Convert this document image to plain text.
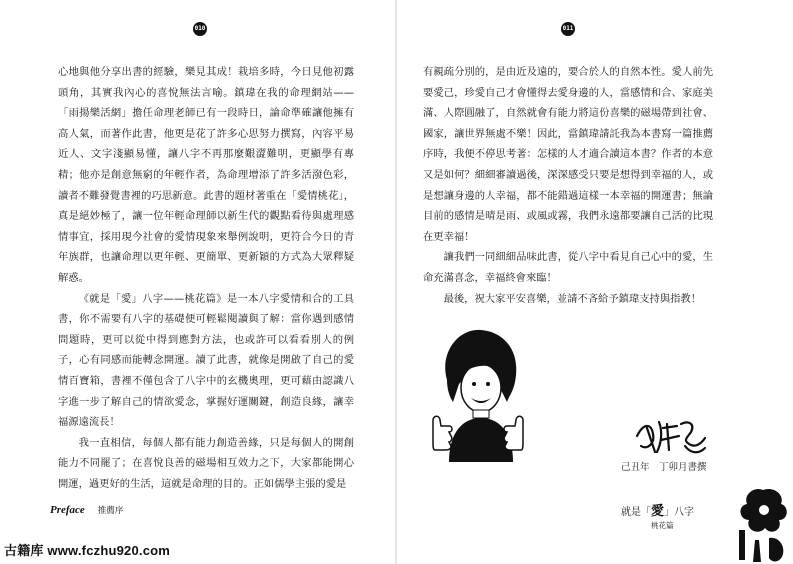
010

心地與他分享出書的經驗，樂見其成！栽培多時，今日見他初露頭角，其實我內心的喜悅無法言喻。鎮瑋在我的命理網站——「雨揚樂活網」擔任命理老師已有一段時日，論命準確讓他擁有高人氣，而著作此書，他更是花了許多心思努力撰寫，內容平易近人、文字淺顯易懂，讓八字不再那麼艱澀難明，更顯學有專精；他亦是創意無窮的年輕作者，為命理增添了許多活潑色彩，讀者不難發覺書裡的巧思新意。此書的題材著重在「愛情桃花」，真是絕妙極了，讓一位年輕命理師以新生代的觀點看待與處理感情事宜，採用現今社會的愛情現象來舉例說明，更符合今日的青年族群，也讓命理以更年輕、更簡單、更新穎的方式為大眾釋疑解惑。

《就是「愛」八字——桃花篇》是一本八字愛情和合的工具書，你不需要有八字的基礎便可輕鬆閱讀與了解：當你遇到感情問題時，更可以從中得到應對方法，也或許可以看看別人的例子，心有同感而能轉念開運。讀了此書，就像是開啟了自己的愛情百寶箱，書裡不僅包含了八字中的玄機奧理，更可藉由認識八字進一步了解自己的情欲愛念，掌握好運關鍵，創造良緣，讓幸福源遠流長！

我一直相信，每個人都有能力創造善緣，只是每個人的開創能力不同罷了；在喜悅良善的磁場相互效力之下，大家都能開心開運，過更好的生活，這就是命理的目的。正如儒學主張的愛是

Preface 推薦序
011

有親疏分別的，是由近及遠的，要合於人的自然本性。愛人前先要愛己，珍愛自己才會懂得去愛身邊的人，當感情和合、家庭美滿、人際圓融了，自然就會有能力將這份喜樂的磁場帶到社會、國家，讓世界無處不樂！因此，當鎮瑋請託我為本書寫一篇推薦序時，我便不停思考著：怎樣的人才適合讀這本書？作者的本意又是如何？細細審讀過後，深深感受只要是想得到幸福的人，或是想讓身邊的人幸福，都不能錯過這樣一本幸福的開運書；無論目前的感情是晴是雨、或風或霧，我們永遠都要讓自己活的比現在更幸福！

讓我們一同細細品味此書，從八字中看見自己心中的愛，生命充滿喜念，幸福終會來臨！

最後，祝大家平安喜樂，並請不吝給予鎮瑋支持與指教！

己丑年　丁卯月書撰
就是「愛」八字
桃花篇
古籍库 www.fczhu920.com
